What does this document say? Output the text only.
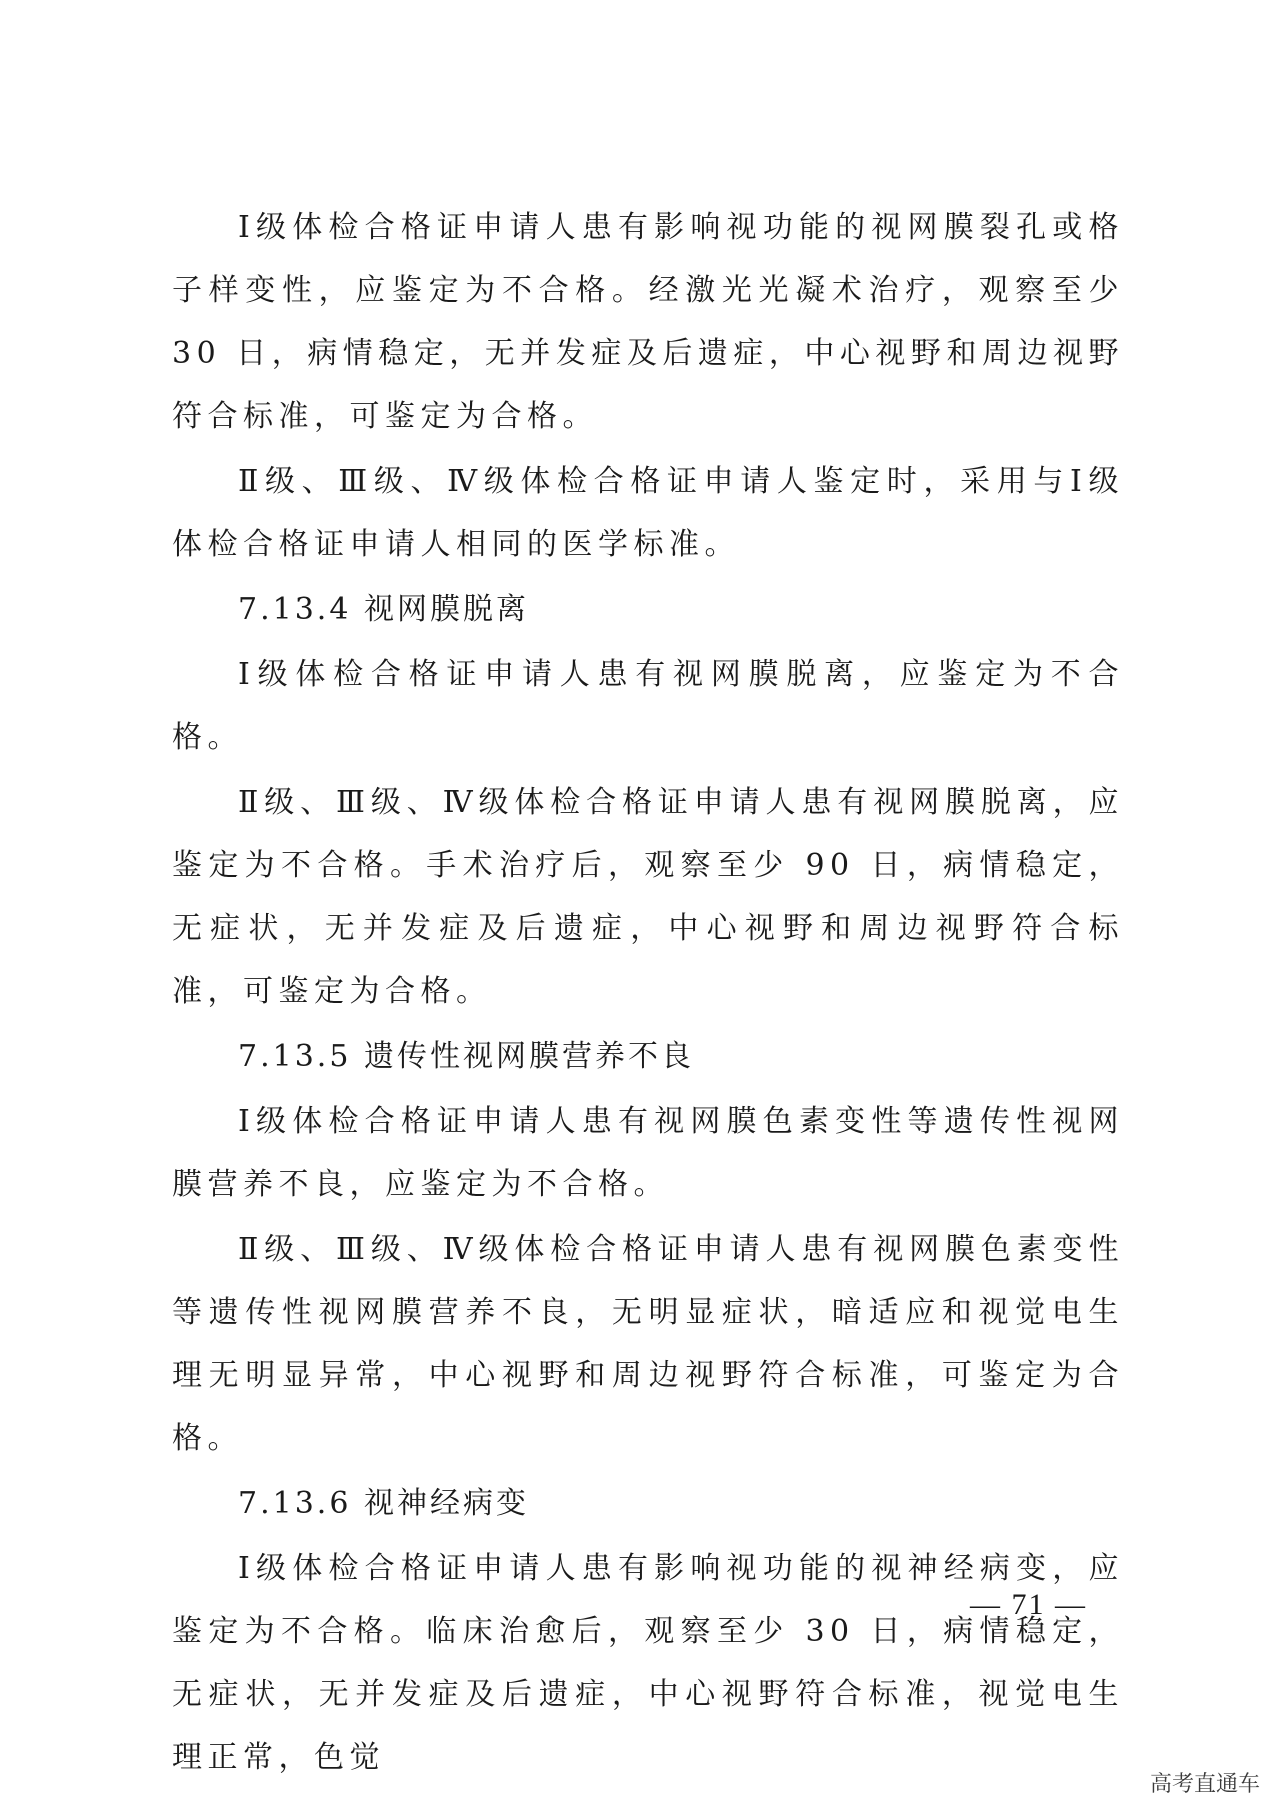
Ⅰ级体检合格证申请人患有影响视功能的视网膜裂孔或格子样变性，应鉴定为不合格。经激光光凝术治疗，观察至少 30 日，病情稳定，无并发症及后遗症，中心视野和周边视野符合标准，可鉴定为合格。

Ⅱ级、Ⅲ级、Ⅳ级体检合格证申请人鉴定时，采用与Ⅰ级体检合格证申请人相同的医学标准。

7.13.4 视网膜脱离

Ⅰ级体检合格证申请人患有视网膜脱离，应鉴定为不合格。

Ⅱ级、Ⅲ级、Ⅳ级体检合格证申请人患有视网膜脱离，应鉴定为不合格。手术治疗后，观察至少 90 日，病情稳定，无症状，无并发症及后遗症，中心视野和周边视野符合标准，可鉴定为合格。

7.13.5 遗传性视网膜营养不良

Ⅰ级体检合格证申请人患有视网膜色素变性等遗传性视网膜营养不良，应鉴定为不合格。

Ⅱ级、Ⅲ级、Ⅳ级体检合格证申请人患有视网膜色素变性等遗传性视网膜营养不良，无明显症状，暗适应和视觉电生理无明显异常，中心视野和周边视野符合标准，可鉴定为合格。

7.13.6 视神经病变

Ⅰ级体检合格证申请人患有影响视功能的视神经病变，应鉴定为不合格。临床治愈后，观察至少 30 日，病情稳定，无症状，无并发症及后遗症，中心视野符合标准，视觉电生理正常，色觉

— 71 —
高考直通车
